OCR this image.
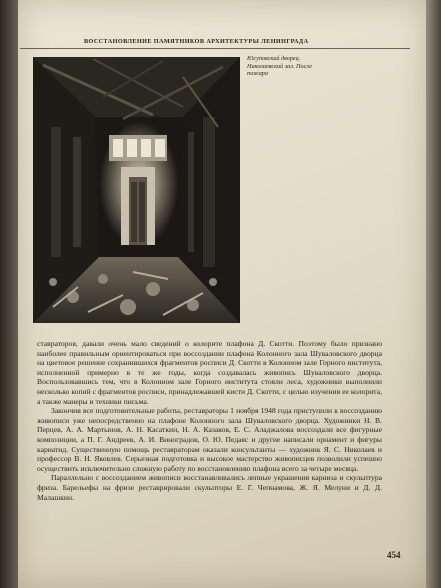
ВОССТАНОВЛЕНИЕ ПАМЯТНИКОВ АРХИТЕКТУРЫ ЛЕНИНГРАДА
Юсуповский дворец. Николаевский зал. После пожара

ставраторов, давали очень мало сведений о колорите плафона Д. Скотти. Поэтому было признано наиболее правильным ориентироваться при воссоздании плафона Колонного зала Шуваловского дворца на цветовое решение сохранившихся фрагментов росписи Д. Скотти в Колонном зале Горного института, исполненной примерно в те же годы, когда создавалась живопись Шуваловского дворца. Воспользовавшись тем, что в Колонном зале Горного института стояли леса, художники выполнили несколько копий с фрагментов росписи, принадлежавшей кисти Д. Скотти, с целью изучения ее колорита, а также манеры и техники письма.

Закончив все подготовительные работы, реставраторы 1 ноября 1948 года приступили к воссозданию живописи уже непосредственно на плафоне Колонного зала Шуваловского дворца. Художники Н. В. Перцев, А. А. Мартынов, А. Н. Касаткин, Н. А. Казаков, Е. С. Аладжалова воссоздали все фигурные композиции, а П. Г. Андреев, А. И. Виноградов, О. Ю. Педаяс и другие написали орнамент и фигуры кариатид. Существенную помощь реставраторам оказали консультанты — художник Я. С. Николаев и профессор В. Н. Яковлев. Серьезная подготовка и высокое мастерство живописцев позволили успешно осуществить исключительно сложную работу по восстановлению плафона всего за четыре месяца.

Параллельно с воссозданием живописи восстанавливались лепные украшения карниза и скульптура фриза. Барельефы на фризе реставрировали скульпторы Е. Г. Чепнамова, Ж. Я. Мелуни и Д. Д. Малашкин.

454
